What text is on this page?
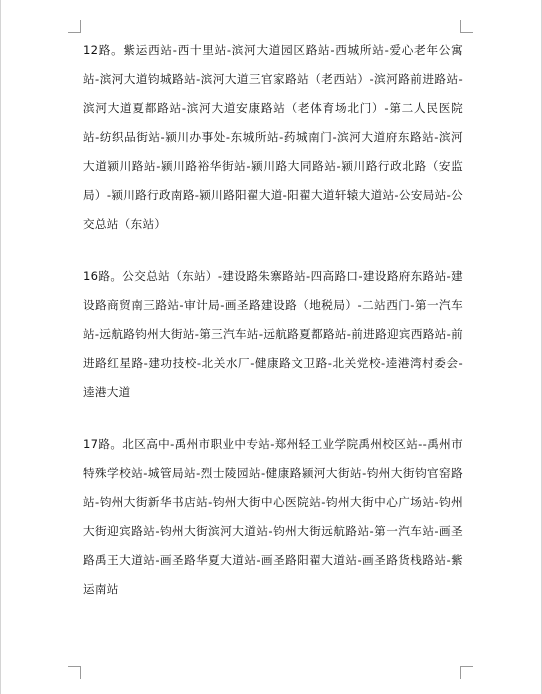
12路。紫运西站-西十里站-滨河大道园区路站-西城所站-爱心老年公寓站-滨河大道钧城路站-滨河大道三官家路站（老西站）-滨河路前进路站-滨河大道夏都路站-滨河大道安康路站（老体育场北门）-第二人民医院站-纺织品街站-颍川办事处-东城所站-药城南门-滨河大道府东路站-滨河大道颍川路站-颍川路裕华街站-颍川路大同路站-颍川路行政北路（安监局）-颍川路行政南路-颍川路阳翟大道-阳翟大道轩辕大道站-公安局站-公交总站（东站）

16路。公交总站（东站）-建设路朱寨路站-四高路口-建设路府东路站-建设路商贸南三路站-审计局-画圣路建设路（地税局）-二站西门-第一汽车站-远航路钧州大街站-第三汽车站-远航路夏都路站-前进路迎宾西路站-前进路红星路-建功技校-北关水厂-健康路文卫路-北关党校-逵港湾村委会-逵港大道

17路。北区高中-禹州市职业中专站-郑州轻工业学院禹州校区站--禹州市特殊学校站-城管局站-烈士陵园站-健康路颍河大街站-钧州大街钧官窑路站-钧州大街新华书店站-钧州大街中心医院站-钧州大街中心广场站-钧州大街迎宾路站-钧州大街滨河大道站-钧州大街远航路站-第一汽车站-画圣路禹王大道站-画圣路华夏大道站-画圣路阳翟大道站-画圣路货栈路站-紫运南站
